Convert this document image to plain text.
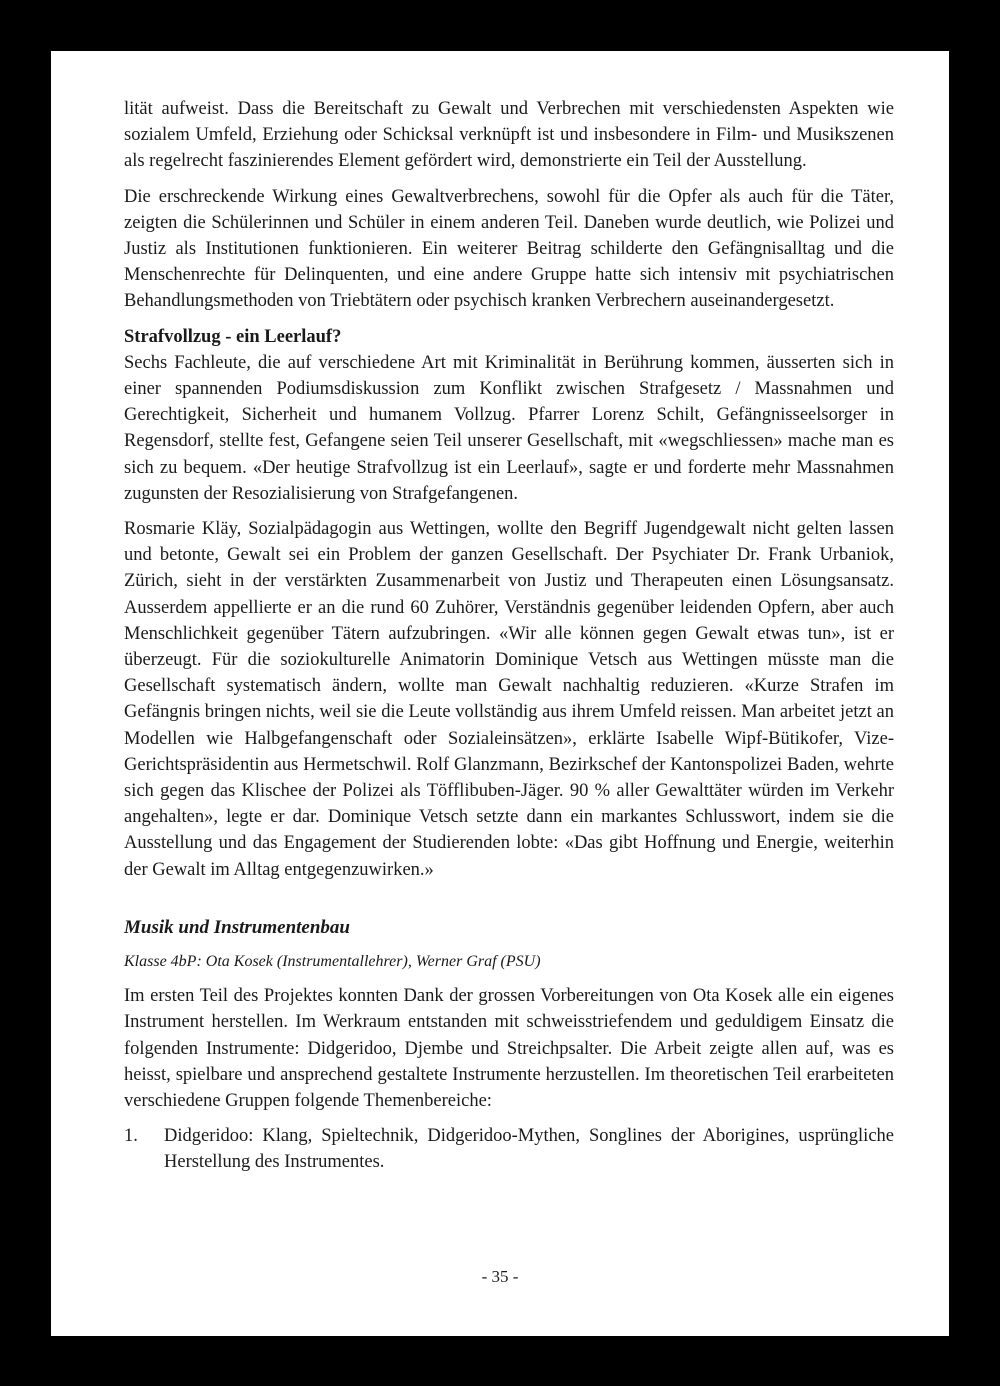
lität aufweist. Dass die Bereitschaft zu Gewalt und Verbrechen mit verschiedensten Aspekten wie sozialem Umfeld, Erziehung oder Schicksal verknüpft ist und insbesondere in Film- und Musikszenen als regelrecht faszinierendes Element gefördert wird, demonstrierte ein Teil der Ausstellung.

Die erschreckende Wirkung eines Gewaltverbrechens, sowohl für die Opfer als auch für die Täter, zeigten die Schülerinnen und Schüler in einem anderen Teil. Daneben wurde deutlich, wie Polizei und Justiz als Institutionen funktionieren. Ein weiterer Beitrag schilderte den Gefängnisalltag und die Menschenrechte für Delinquenten, und eine andere Gruppe hatte sich intensiv mit psychiatrischen Behandlungsmethoden von Triebtätern oder psychisch kranken Verbrechern auseinandergesetzt.

Strafvollzug - ein Leerlauf?

Sechs Fachleute, die auf verschiedene Art mit Kriminalität in Berührung kommen, äusserten sich in einer spannenden Podiumsdiskussion zum Konflikt zwischen Strafgesetz / Massnahmen und Gerechtigkeit, Sicherheit und humanem Vollzug. Pfarrer Lorenz Schilt, Gefängnisseelsorger in Regensdorf, stellte fest, Gefangene seien Teil unserer Gesellschaft, mit «wegschliessen» mache man es sich zu bequem. «Der heutige Strafvollzug ist ein Leerlauf», sagte er und forderte mehr Massnahmen zugunsten der Resozialisierung von Strafgefangenen.

Rosmarie Kläy, Sozialpädagogin aus Wettingen, wollte den Begriff Jugendgewalt nicht gelten lassen und betonte, Gewalt sei ein Problem der ganzen Gesellschaft. Der Psychiater Dr. Frank Urbaniok, Zürich, sieht in der verstärkten Zusammenarbeit von Justiz und Therapeuten einen Lösungsansatz. Ausserdem appellierte er an die rund 60 Zuhörer, Verständnis gegenüber leidenden Opfern, aber auch Menschlichkeit gegenüber Tätern aufzubringen. «Wir alle können gegen Gewalt etwas tun», ist er überzeugt. Für die soziokulturelle Animatorin Dominique Vetsch aus Wettingen müsste man die Gesellschaft systematisch ändern, wollte man Gewalt nachhaltig reduzieren. «Kurze Strafen im Gefängnis bringen nichts, weil sie die Leute vollständig aus ihrem Umfeld reissen. Man arbeitet jetzt an Modellen wie Halbgefangenschaft oder Sozialeinsätzen», erklärte Isabelle Wipf-Bütikofer, Vize-Gerichtspräsidentin aus Hermetschwil. Rolf Glanzmann, Bezirkschef der Kantonspolizei Baden, wehrte sich gegen das Klischee der Polizei als Töfflibuben-Jäger. 90 % aller Gewalttäter würden im Verkehr angehalten», legte er dar. Dominique Vetsch setzte dann ein markantes Schlusswort, indem sie die Ausstellung und das Engagement der Studierenden lobte: «Das gibt Hoffnung und Energie, weiterhin der Gewalt im Alltag entgegenzuwirken.»

Musik und Instrumentenbau

Klasse 4bP: Ota Kosek (Instrumentallehrer), Werner Graf (PSU)

Im ersten Teil des Projektes konnten Dank der grossen Vorbereitungen von Ota Kosek alle ein eigenes Instrument herstellen. Im Werkraum entstanden mit schweisstriefendem und geduldigem Einsatz die folgenden Instrumente: Didgeridoo, Djembe und Streichpsalter. Die Arbeit zeigte allen auf, was es heisst, spielbare und ansprechend gestaltete Instrumente herzustellen. Im theoretischen Teil erarbeiteten verschiedene Gruppen folgende Themenbereiche:

1.	Didgeridoo: Klang, Spieltechnik, Didgeridoo-Mythen, Songlines der Aborigines, usprüngliche Herstellung des Instrumentes.
- 35 -
